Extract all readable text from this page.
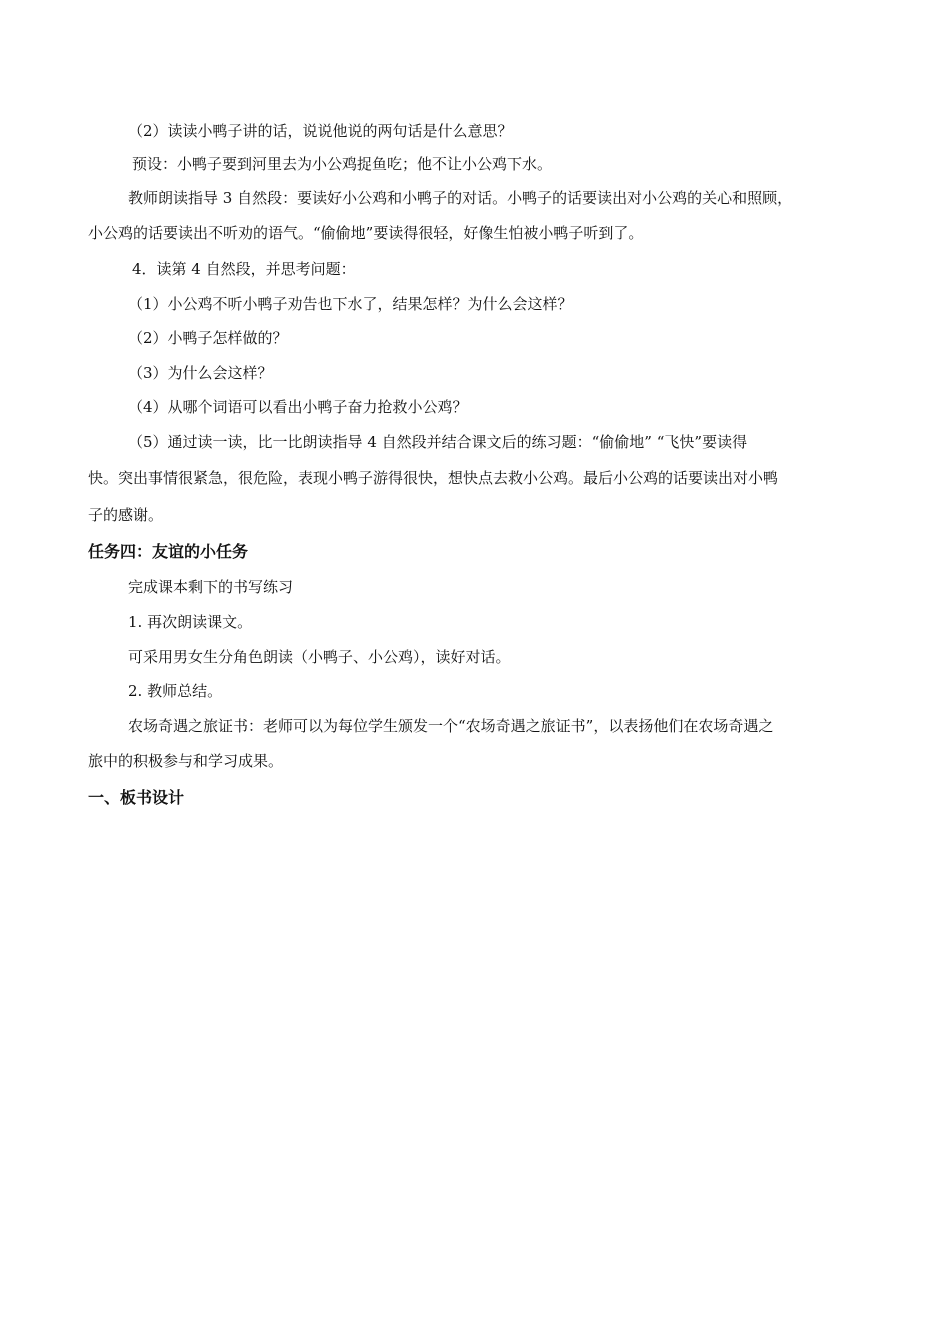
（2）读读小鸭子讲的话，说说他说的两句话是什么意思？
预设：小鸭子要到河里去为小公鸡捉鱼吃；他不让小公鸡下水。
教师朗读指导 3 自然段：要读好小公鸡和小鸭子的对话。小鸭子的话要读出对小公鸡的关心和照顾，
小公鸡的话要读出不听劝的语气。“偷偷地”要读得很轻，好像生怕被小鸭子听到了。
4．读第 4 自然段，并思考问题：
（1）小公鸡不听小鸭子劝告也下水了，结果怎样？为什么会这样？
（2）小鸭子怎样做的？
（3）为什么会这样？
（4）从哪个词语可以看出小鸭子奋力抢救小公鸡？
（5）通过读一读，比一比朗读指导 4 自然段并结合课文后的练习题：“偷偷地” “飞快”要读得
快。突出事情很紧急，很危险，表现小鸭子游得很快，想快点去救小公鸡。最后小公鸡的话要读出对小鸭
子的感谢。
任务四：友谊的小任务
完成课本剩下的书写练习
1. 再次朗读课文。
可采用男女生分角色朗读（小鸭子、小公鸡），读好对话。
2. 教师总结。
农场奇遇之旅证书：老师可以为每位学生颁发一个“农场奇遇之旅证书”，以表扬他们在农场奇遇之
旅中的积极参与和学习成果。
一、板书设计
